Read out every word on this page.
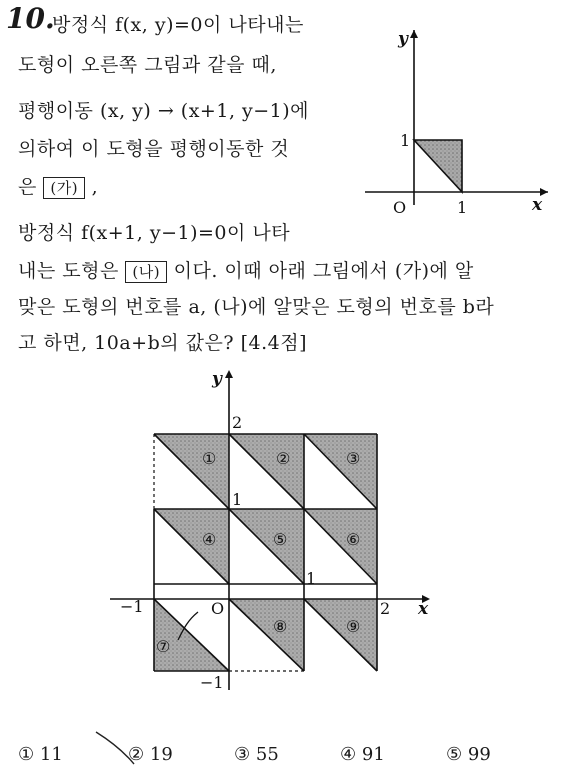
10.
방정식 f(x, y)=0이 나타내는
도형이 오른쪽 그림과 같을 때,
평행이동 (x, y) → (x+1, y−1)에
의하여 이 도형을 평행이동한 것
은 (가) ,
방정식 f(x+1, y−1)=0이 나타
내는 도형은 (나) 이다. 이때 아래 그림에서 (가)에 알
맞은 도형의 번호를 a, (나)에 알맞은 도형의 번호를 b라
고 하면, 10a+b의 값은? [4.4점]
y
x
O	1
1
y
x
O
2
1
1
2
−1
−1
①	②	③
④	⑤	⑥
⑦
⑧	⑨
① 11	② 19	③ 55	④ 91	⑤ 99
